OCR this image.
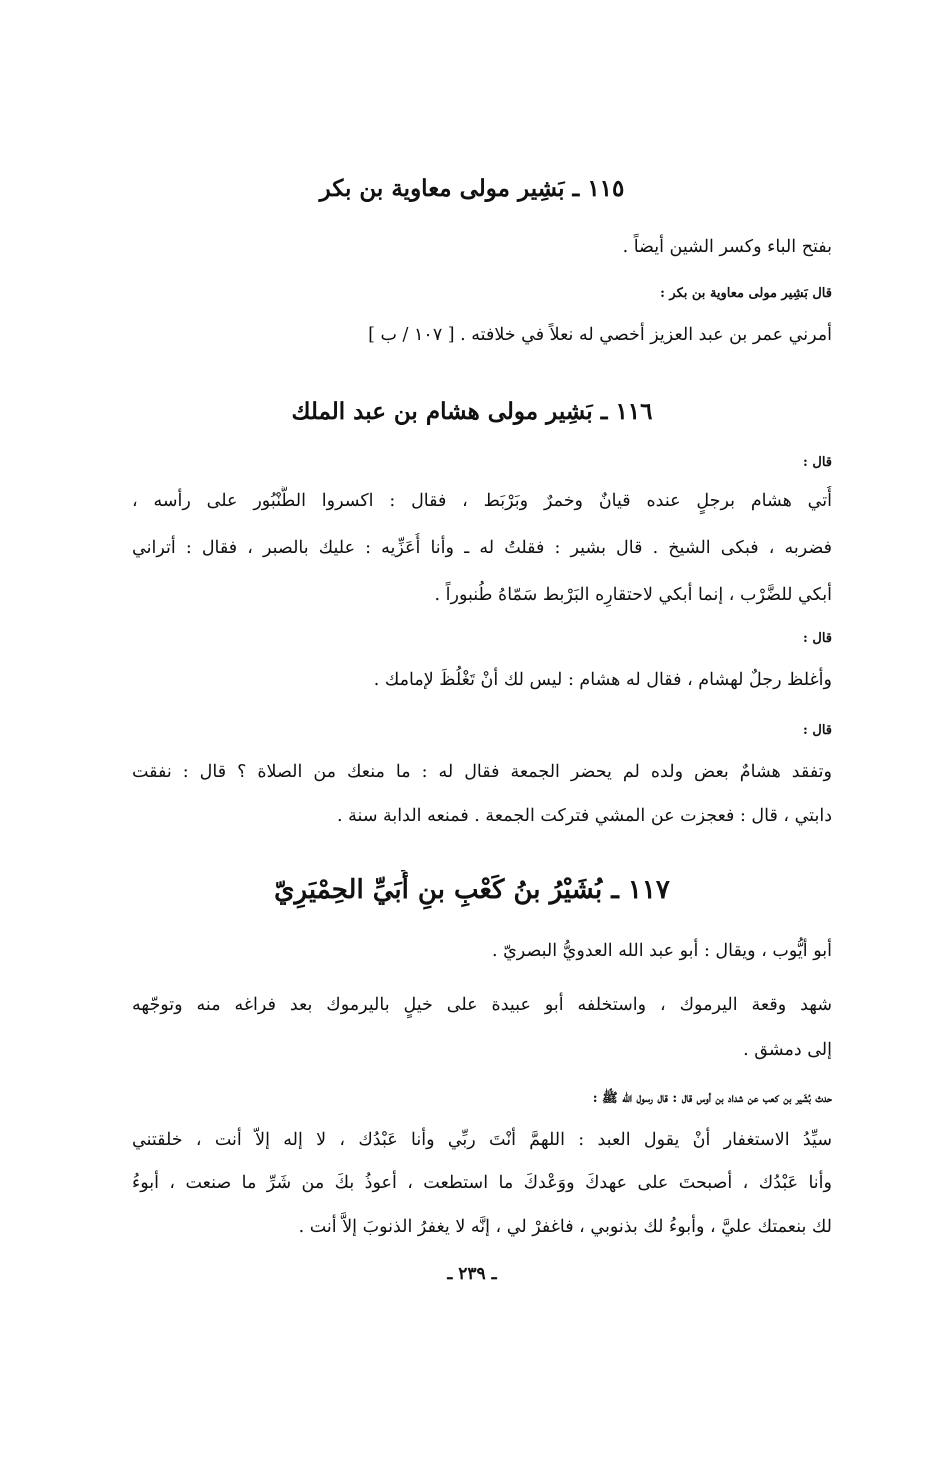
١١٥ ـ بَشِير مولى معاوية بن بكر
بفتح الباء وكسر الشين أيضاً .
قال بَشِير مولى معاوية بن بكر :
أمرني عمر بن عبد العزيز أخصي له نعلاً في خلافته . [ ١٠٧ / ب ]
١١٦ ـ بَشِير مولى هشام بن عبد الملك
قال :
أُتي هشام برجلٍ عنده قيانٌ وخمرٌ وبَرْبَط ، فقال : اكسروا الطُّنْبُور على رأسه ،
فضربه ، فبكى الشيخ . قال بشير : فقلتُ له ـ وأنا أُعَزِّيه : عليك بالصبر ، فقال : أتراني
أبكي للضَّرْب ، إنما أبكي لاحتقارِه البَرْبط سَمّاهُ طُنبوراً .
قال :
وأغلظ رجلٌ لهشام ، فقال له هشام : ليس لك أنْ تَغْلُظَ لإمامك .
قال :
وتفقد هشامٌ بعض ولده لم يحضر الجمعة فقال له : ما منعك من الصلاة ؟ قال : نفقت
دابتي ، قال : فعجزت عن المشي فتركت الجمعة . فمنعه الدابة سنة .
١١٧ ـ بُشَيْرُ بنُ كَعْبِ بنِ أُبَيِّ الحِمْيَرِيّ
أبو أيُّوب ، ويقال : أبو عبد الله العدويُّ البصريّ .
شهد وقعة اليرموك ، واستخلفه أبو عبيدة على خيلٍ باليرموك بعد فراغه منه وتوجّهه
إلى دمشق .
حدث بُشَير بن كعب عن شداد بن أوس قال : قال رسول الله ﷺ :
سيِّدُ الاستغفار أنْ يقول العبد : اللهمَّ أنْتَ ربِّي وأنا عَبْدُك ، لا إله إلاّ أنت ، خلقتني
وأنا عَبْدُك ، أصبحتَ على عهدكَ ووَعْدكَ ما استطعت ، أعوذُ بكَ من شَرِّ ما صنعت ، أبوءُ
لك بنعمتك عليَّ ، وأبوءُ لك بذنوبي ، فاغفرْ لي ، إنَّه لا يغفرُ الذنوبَ إلاَّ أنت .
ـ ٢٣٩ ـ
